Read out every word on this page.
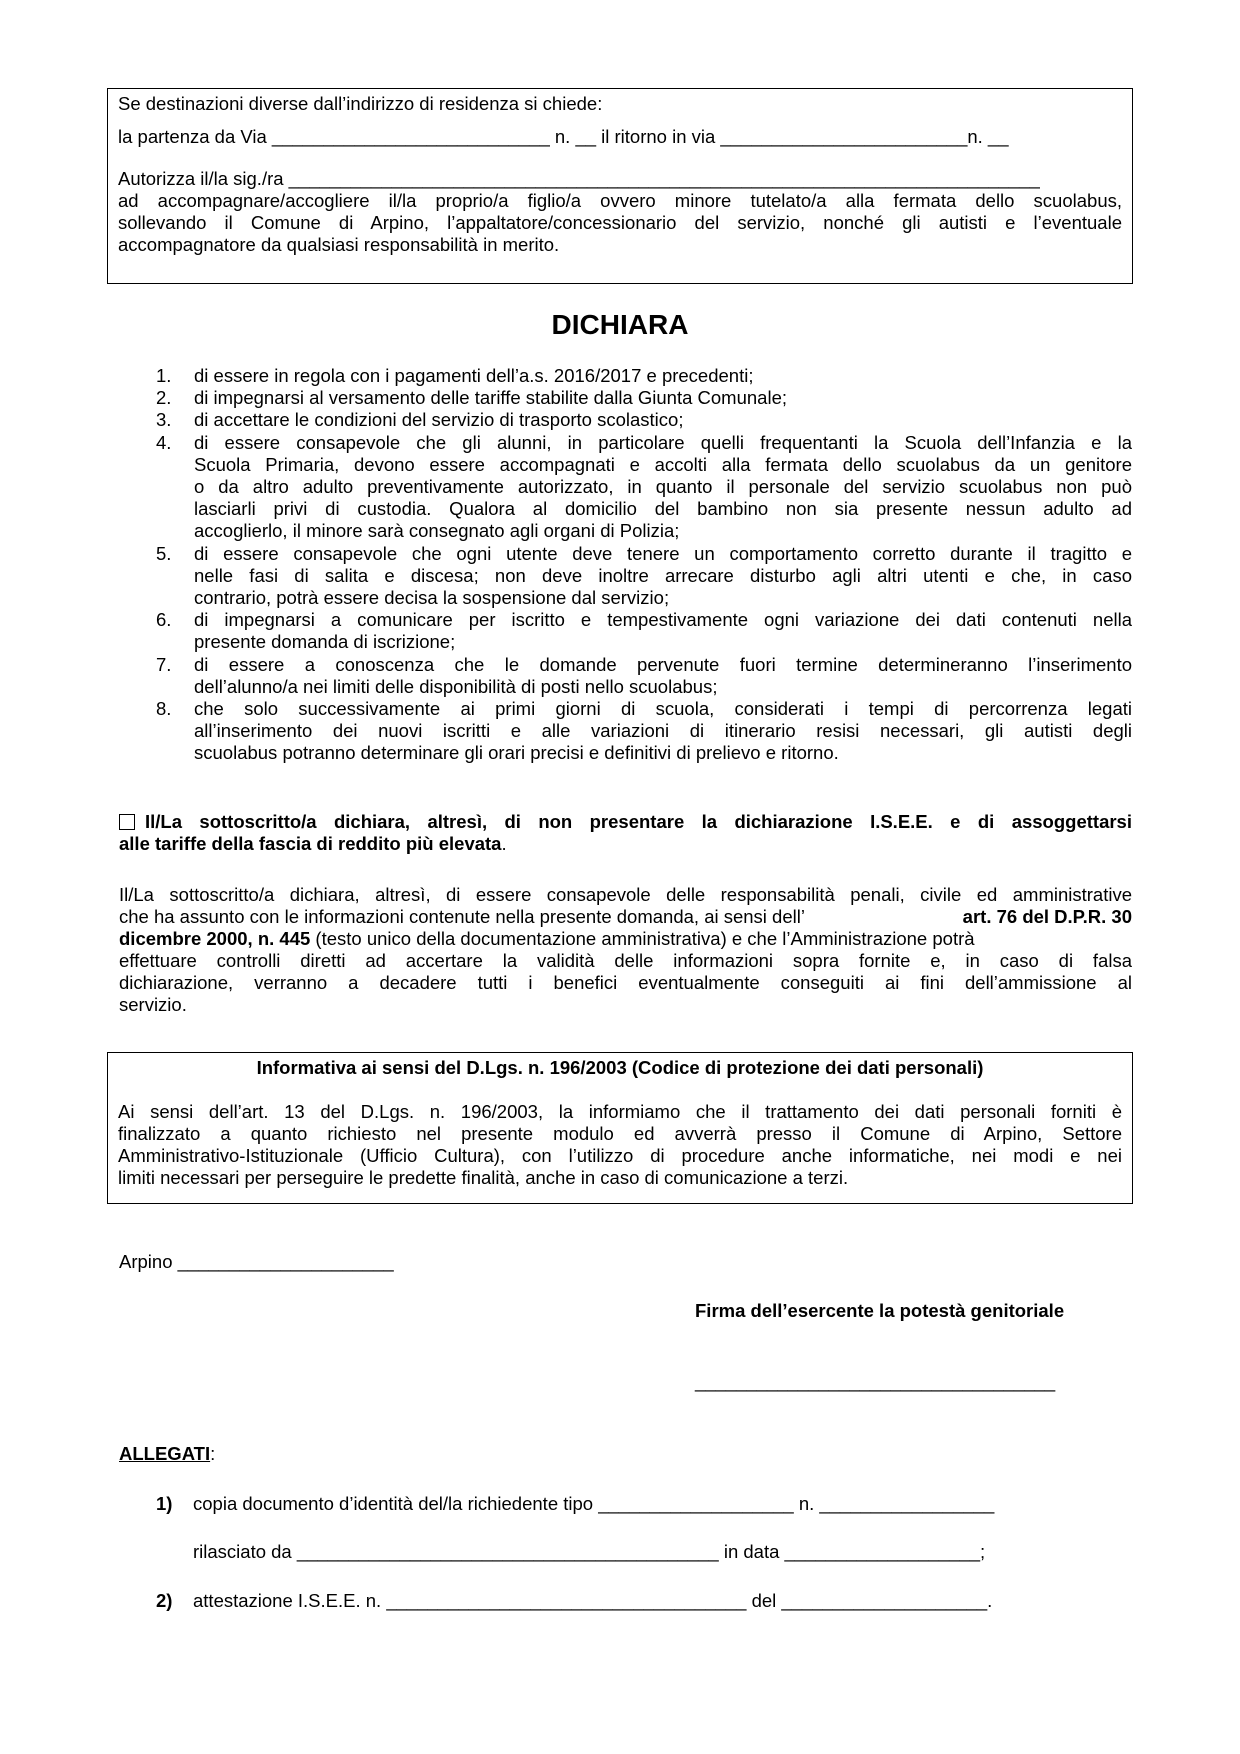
Se destinazioni diverse dall’indirizzo di residenza si chiede:
la partenza da Via ___________________________ n. __ il ritorno in via ________________________n. __
Autorizza il/la sig./ra _________________________________________________________________________
ad accompagnare/accogliere il/la proprio/a figlio/a ovvero minore tutelato/a alla fermata dello scuolabus,
sollevando il Comune di Arpino, l’appaltatore/concessionario del servizio, nonché gli autisti e l’eventuale
accompagnatore da qualsiasi responsabilità in merito.
DICHIARA
1.	di essere in regola con i pagamenti dell’a.s. 2016/2017 e precedenti;
2.	di impegnarsi al versamento delle tariffe stabilite dalla Giunta Comunale;
3.	di accettare le condizioni del servizio di trasporto scolastico;
4.	di essere consapevole che gli alunni, in particolare quelli frequentanti la Scuola dell’Infanzia e la
Scuola Primaria, devono essere accompagnati e accolti alla fermata dello scuolabus da un genitore
o da altro adulto preventivamente autorizzato, in quanto il personale del servizio scuolabus non può
lasciarli privi di custodia. Qualora al domicilio del bambino non sia presente nessun adulto ad
accoglierlo, il minore sarà consegnato agli organi di Polizia;
5.	di essere consapevole che ogni utente deve tenere un comportamento corretto durante il tragitto e
nelle fasi di salita e discesa; non deve inoltre arrecare disturbo agli altri utenti e che, in caso
contrario, potrà essere decisa la sospensione dal servizio;
6.	di impegnarsi a comunicare per iscritto e tempestivamente ogni variazione dei dati contenuti nella
presente domanda di iscrizione;
7.	di essere a conoscenza che le domande pervenute fuori termine determineranno l’inserimento
dell’alunno/a nei limiti delle disponibilità di posti nello scuolabus;
8.	che solo successivamente ai primi giorni di scuola, considerati i tempi di percorrenza legati
all’inserimento dei nuovi iscritti e alle variazioni di itinerario resisi necessari, gli autisti degli
scuolabus potranno determinare gli orari precisi e definitivi di prelievo e ritorno.
Il/La sottoscritto/a dichiara, altresì, di non presentare la dichiarazione I.S.E.E. e di assoggettarsi
alle tariffe della fascia di reddito più elevata.
Il/La sottoscritto/a dichiara, altresì, di essere consapevole delle responsabilità penali, civile ed amministrative
che ha assunto con le informazioni contenute nella presente domanda, ai sensi dell’	art. 76 del D.P.R. 30
dicembre 2000, n. 445 (testo unico della documentazione amministrativa) e che l’Amministrazione potrà
effettuare controlli diretti ad accertare la validità delle informazioni sopra fornite e, in caso di falsa
dichiarazione, verranno a decadere tutti i benefici eventualmente conseguiti ai fini dell’ammissione al
servizio.
Informativa ai sensi del D.Lgs. n. 196/2003 (Codice di protezione dei dati personali)
Ai sensi dell’art. 13 del D.Lgs. n. 196/2003, la informiamo che il trattamento dei dati personali forniti è
finalizzato a quanto richiesto nel presente modulo ed avverrà presso il Comune di Arpino, Settore
Amministrativo-Istituzionale (Ufficio Cultura), con l’utilizzo di procedure anche informatiche, nei modi e nei
limiti necessari per perseguire le predette finalità, anche in caso di comunicazione a terzi.
Arpino _____________________
Firma dell’esercente la potestà genitoriale
___________________________________
ALLEGATI:
1) copia documento d’identità del/la richiedente tipo ___________________ n. _________________
rilasciato da _________________________________________ in data ___________________;
2) attestazione I.S.E.E. n. ___________________________________ del ____________________.
